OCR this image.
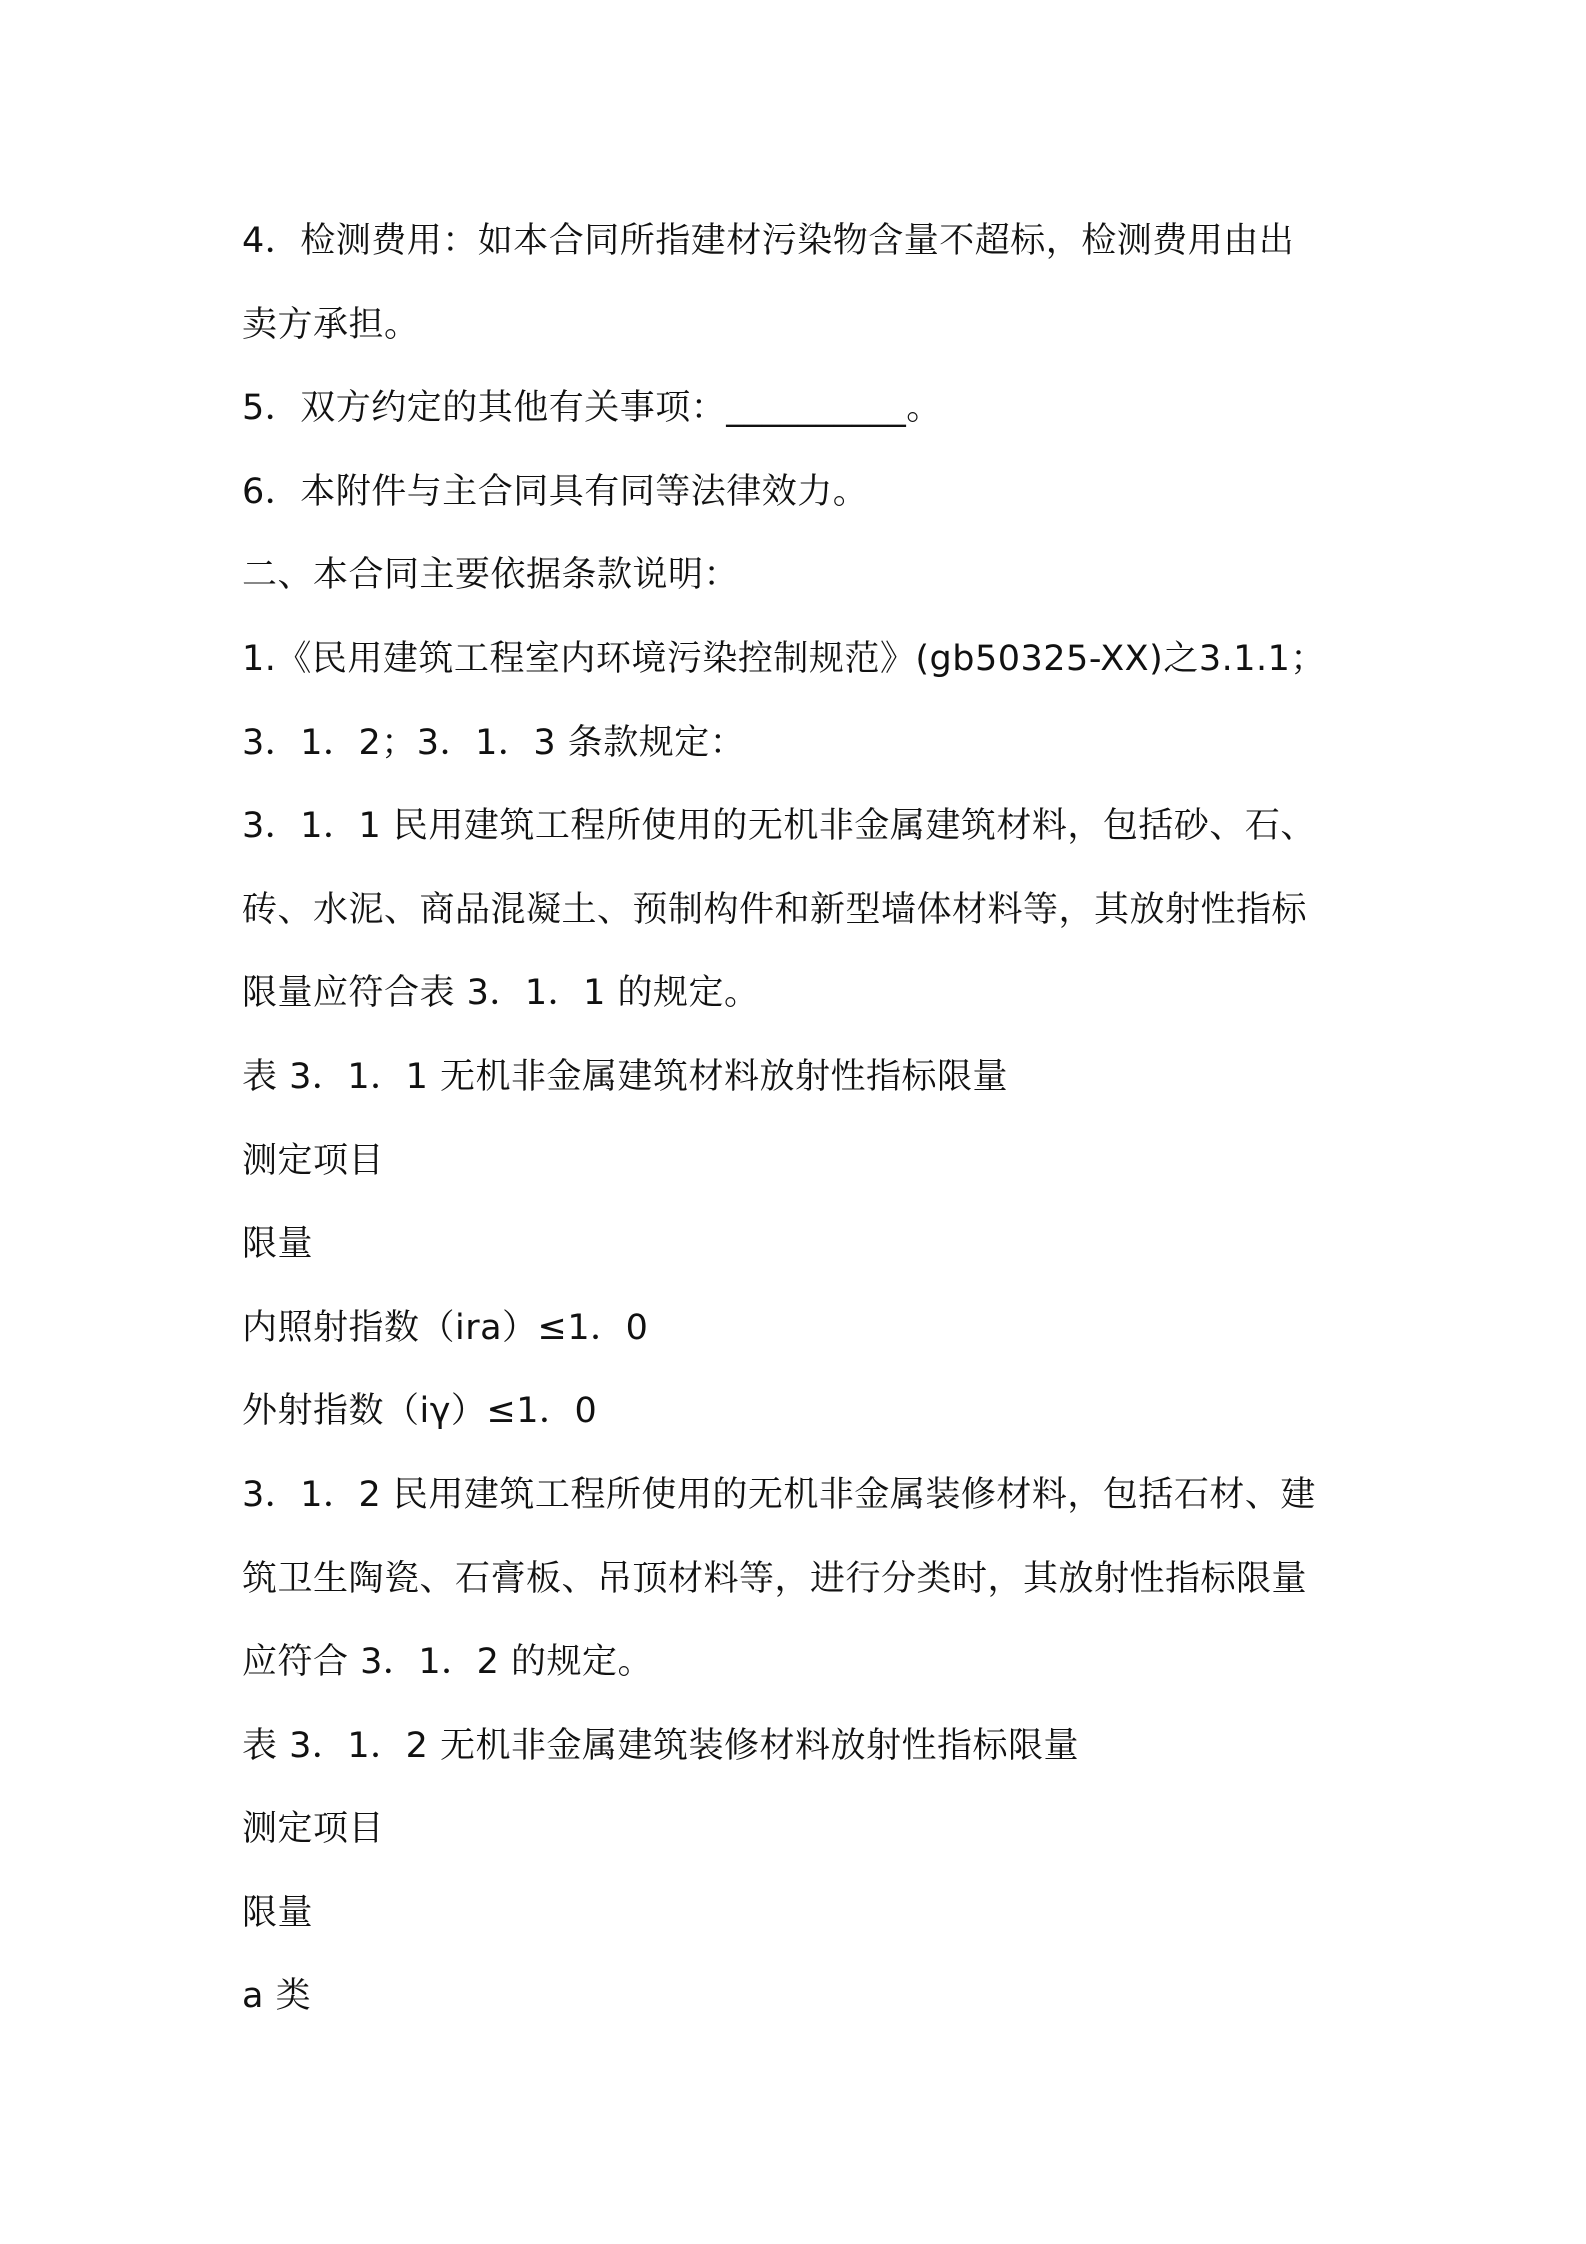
4．检测费用：如本合同所指建材污染物含量不超标，检测费用由出
卖方承担。
5．双方约定的其他有关事项：__________。
6．本附件与主合同具有同等法律效力。
二、本合同主要依据条款说明：
1.《民用建筑工程室内环境污染控制规范》(gb50325-XX)之3.1.1；
3．1．2；3．1．3 条款规定：
3．1．1 民用建筑工程所使用的无机非金属建筑材料，包括砂、石、
砖、水泥、商品混凝土、预制构件和新型墙体材料等，其放射性指标
限量应符合表 3．1．1 的规定。
表 3．1．1 无机非金属建筑材料放射性指标限量
测定项目
限量
内照射指数（ira）≤1．0
外射指数（iγ）≤1．0
3．1．2 民用建筑工程所使用的无机非金属装修材料，包括石材、建
筑卫生陶瓷、石膏板、吊顶材料等，进行分类时，其放射性指标限量
应符合 3．1．2 的规定。
表 3．1．2 无机非金属建筑装修材料放射性指标限量
测定项目
限量
a 类
